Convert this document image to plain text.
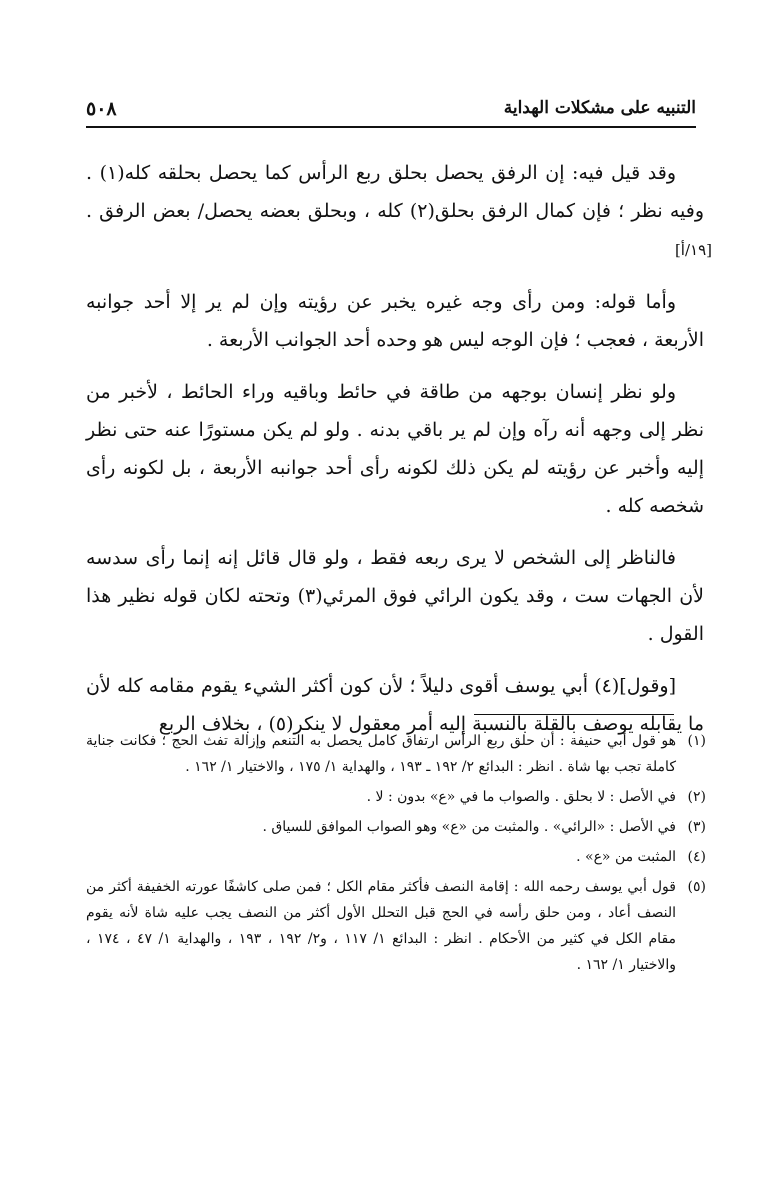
التنبيه على مشكلات الهداية
٥٠٨

وقد قيل فيه: إن الرفق يحصل بحلق ربع الرأس كما يحصل بحلقه كله(١) . وفيه نظر ؛ فإن كمال الرفق بحلق(٢) كله ، وبحلق بعضه يحصل/ بعض الرفق . [١٩/أ]

وأما قوله: ومن رأى وجه غيره يخبر عن رؤيته وإن لم ير إلا أحد جوانبه الأربعة ، فعجب ؛ فإن الوجه ليس هو وحده أحد الجوانب الأربعة .

ولو نظر إنسان بوجهه من طاقة في حائط وباقيه وراء الحائط ، لأخبر من نظر إلى وجهه أنه رآه وإن لم ير باقي بدنه . ولو لم يكن مستورًا عنه حتى نظر إليه وأخبر عن رؤيته لم يكن ذلك لكونه رأى أحد جوانبه الأربعة ، بل لكونه رأى شخصه كله .

فالناظر إلى الشخص لا يرى ربعه فقط ، ولو قال قائل إنه إنما رأى سدسه لأن الجهات ست ، وقد يكون الرائي فوق المرئي(٣) وتحته لكان قوله نظير هذا القول .

[وقول](٤) أبي يوسف أقوى دليلاً ؛ لأن كون أكثر الشيء يقوم مقامه كله لأن ما يقابله يوصف بالقلة بالنسبة إليه أمر معقول لا ينكر(٥) ، بخلاف الربع

(١)
هو قول أبي حنيفة : أن حلق ربع الرأس ارتفاق كامل يحصل به التنعم وإزالة تفث الحج ؛ فكانت جناية كاملة تجب بها شاة . انظر : البدائع ٢/ ١٩٢ ـ ١٩٣ ، والهداية ١/ ١٧٥ ، والاختيار ١/ ١٦٢ .
(٢)
في الأصل : لا بحلق . والصواب ما في «ع» بدون : لا .
(٣)
في الأصل : «الرائي» . والمثبت من «ع» وهو الصواب الموافق للسياق .
(٤)
المثبت من «ع» .
(٥)
قول أبي يوسف رحمه الله : إقامة النصف فأكثر مقام الكل ؛ فمن صلى كاشفًا عورته الخفيفة أكثر من النصف أعاد ، ومن حلق رأسه في الحج قبل التحلل الأول أكثر من النصف يجب عليه شاة لأنه يقوم مقام الكل في كثير من الأحكام . انظر : البدائع ١/ ١١٧ ، و٢/ ١٩٢ ، ١٩٣ ، والهداية ١/ ٤٧ ، ١٧٤ ، والاختيار ١/ ١٦٢ .
